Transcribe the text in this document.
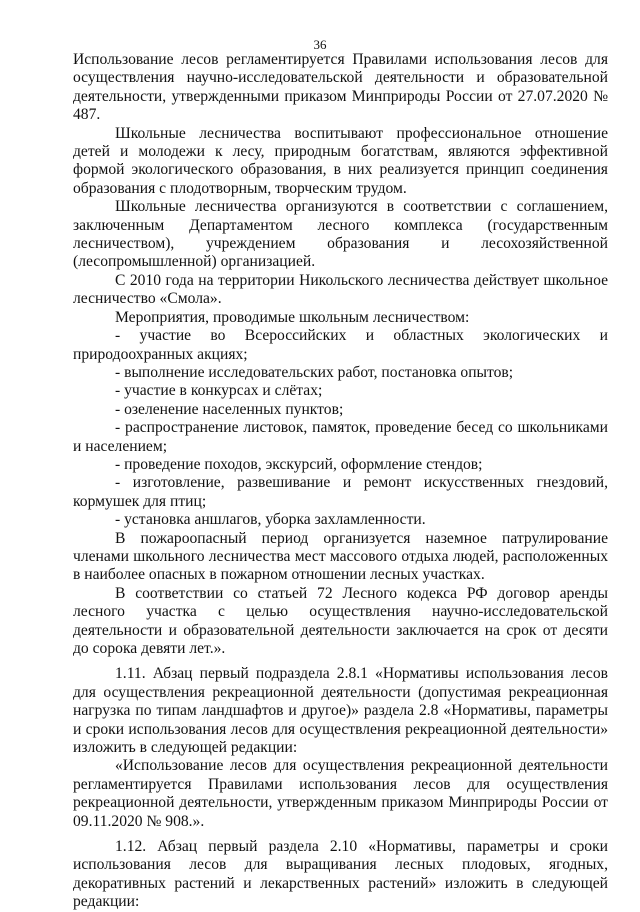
36

Использование лесов регламентируется Правилами использования лесов для осуществления научно-исследовательской деятельности и образовательной деятельности, утвержденными приказом Минприроды России от 27.07.2020 № 487.

Школьные лесничества воспитывают профессиональное отношение детей и молодежи к лесу, природным богатствам, являются эффективной формой экологического образования, в них реализуется принцип соединения образования с плодотворным, творческим трудом.

Школьные лесничества организуются в соответствии с соглашением, заключенным Департаментом лесного комплекса (государственным лесничеством), учреждением образования и лесохозяйственной (лесопромышленной) организацией.

С 2010 года на территории Никольского лесничества действует школьное лесничество «Смола».

Мероприятия, проводимые школьным лесничеством:

- участие во Всероссийских и областных экологических и природоохранных акциях;

- выполнение исследовательских работ, постановка опытов;

- участие в конкурсах и слётах;

- озеленение населенных пунктов;

- распространение листовок, памяток, проведение бесед со школьниками и населением;

- проведение походов, экскурсий, оформление стендов;

- изготовление, развешивание и ремонт искусственных гнездовий, кормушек для птиц;

- установка аншлагов, уборка захламленности.

В пожароопасный период организуется наземное патрулирование членами школьного лесничества мест массового отдыха людей, расположенных в наиболее опасных в пожарном отношении лесных участках.

В соответствии со статьей 72 Лесного кодекса РФ договор аренды лесного участка с целью осуществления научно-исследовательской деятельности и образовательной деятельности заключается на срок от десяти до сорока девяти лет.».

1.11. Абзац первый подраздела 2.8.1 «Нормативы использования лесов для осуществления рекреационной деятельности (допустимая рекреационная нагрузка по типам ландшафтов и другое)» раздела 2.8 «Нормативы, параметры и сроки использования лесов для осуществления рекреационной деятельности» изложить в следующей редакции:

«Использование лесов для осуществления рекреационной деятельности регламентируется Правилами использования лесов для осуществления рекреационной деятельности, утвержденным приказом Минприроды России от 09.11.2020 № 908.».

1.12. Абзац первый раздела 2.10 «Нормативы, параметры и сроки использования лесов для выращивания лесных плодовых, ягодных, декоративных растений и лекарственных растений» изложить в следующей редакции:
